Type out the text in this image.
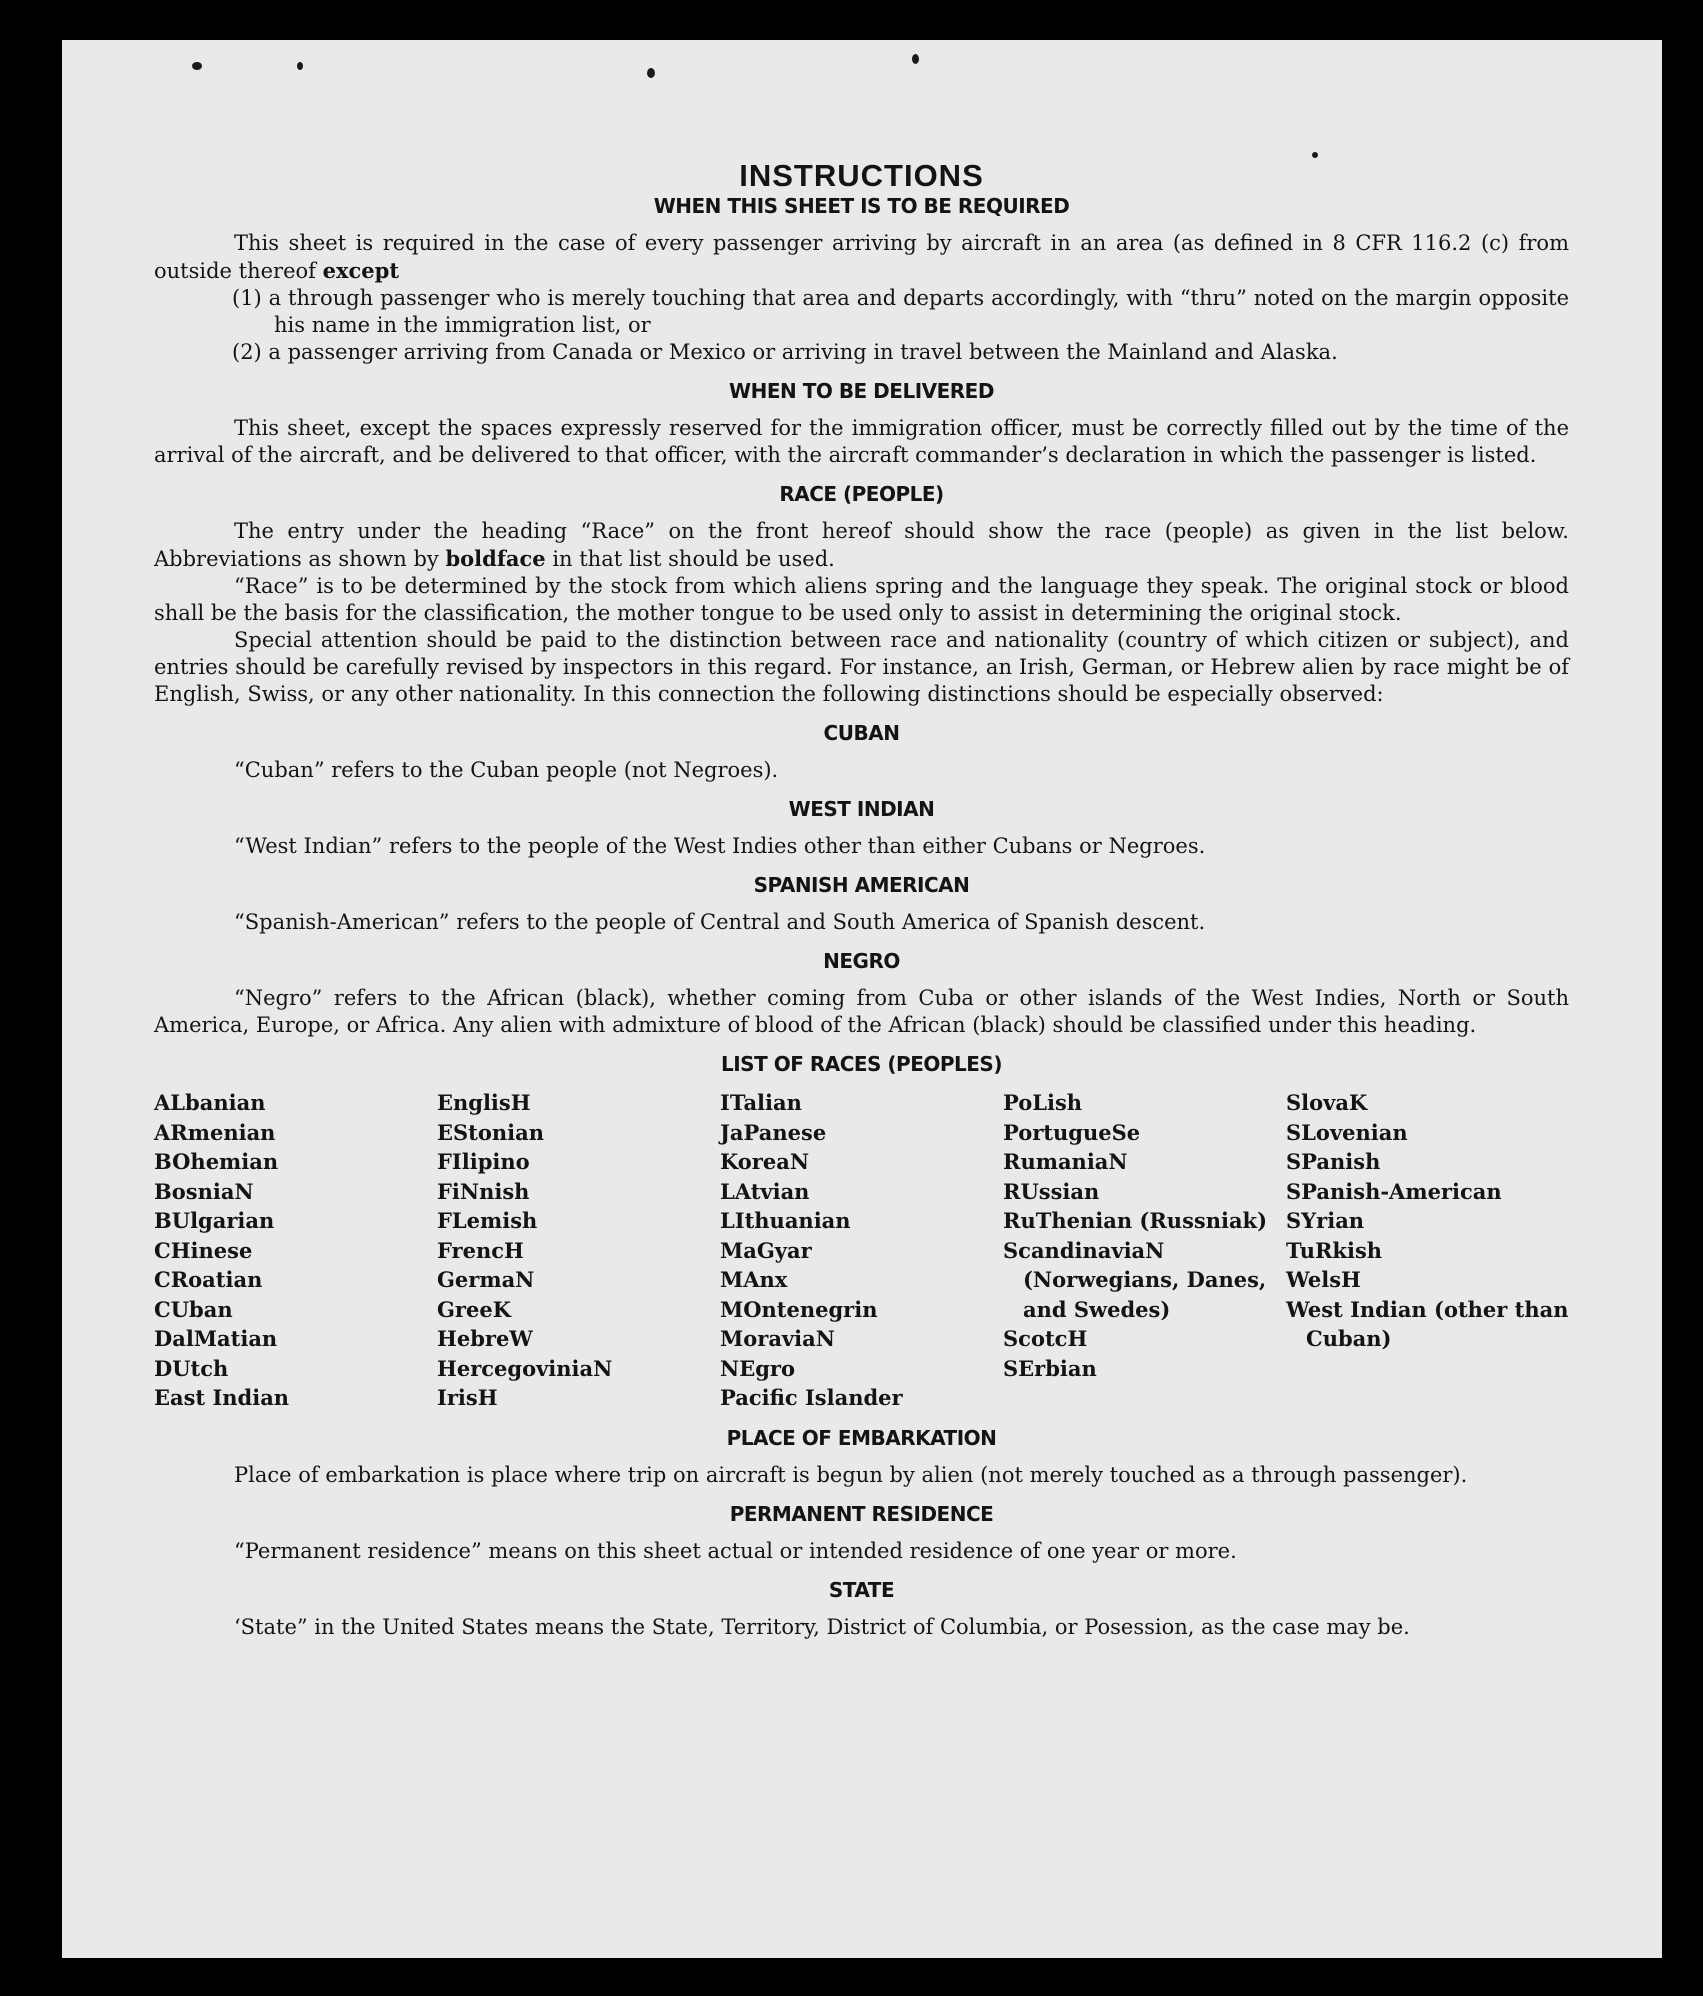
INSTRUCTIONS
WHEN THIS SHEET IS TO BE REQUIRED

This sheet is required in the case of every passenger arriving by aircraft in an area (as defined in 8 CFR 116.2 (c) from outside thereof except

(1) a through passenger who is merely touching that area and departs accordingly, with “thru” noted on the margin opposite his name in the immigration list, or

(2) a passenger arriving from Canada or Mexico or arriving in travel between the Mainland and Alaska.

WHEN TO BE DELIVERED

This sheet, except the spaces expressly reserved for the immigration officer, must be correctly filled out by the time of the arrival of the aircraft, and be delivered to that officer, with the aircraft commander’s declaration in which the passenger is listed.

RACE (PEOPLE)

The entry under the heading “Race” on the front hereof should show the race (people) as given in the list below. Abbreviations as shown by boldface in that list should be used.

“Race” is to be determined by the stock from which aliens spring and the language they speak. The original stock or blood shall be the basis for the classification, the mother tongue to be used only to assist in determining the original stock.

Special attention should be paid to the distinction between race and nationality (country of which citizen or subject), and entries should be carefully revised by inspectors in this regard. For instance, an Irish, German, or Hebrew alien by race might be of English, Swiss, or any other nationality. In this connection the following distinctions should be especially observed:

CUBAN

“Cuban” refers to the Cuban people (not Negroes).

WEST INDIAN

“West Indian” refers to the people of the West Indies other than either Cubans or Negroes.

SPANISH AMERICAN

“Spanish-American” refers to the people of Central and South America of Spanish descent.

NEGRO

“Negro” refers to the African (black), whether coming from Cuba or other islands of the West Indies, North or South America, Europe, or Africa. Any alien with admixture of blood of the African (black) should be classified under this heading.

LIST OF RACES (PEOPLES)
ALbanian
ARmenian
BOhemian
BosniaN
BUlgarian
CHinese
CRoatian
CUban
DalMatian
DUtch
East Indian
EnglisH
EStonian
FIlipino
FiNnish
FLemish
FrencH
GermaN
GreeK
HebreW
HercegoviniaN
IrisH
ITalian
JaPanese
KoreaN
LAtvian
LIthuanian
MaGyar
MAnx
MOntenegrin
MoraviaN
NEgro
Pacific Islander
PoLish
PortugueSe
RumaniaN
RUssian
RuThenian (Russniak)
ScandinaviaN (Norwegians, Danes, and Swedes)
ScotcH
SErbian
SlovaK
SLovenian
SPanish
SPanish-American
SYrian
TuRkish
WelsH
West Indian (other than Cuban)
PLACE OF EMBARKATION

Place of embarkation is place where trip on aircraft is begun by alien (not merely touched as a through passenger).

PERMANENT RESIDENCE

“Permanent residence” means on this sheet actual or intended residence of one year or more.

STATE

‘State” in the United States means the State, Territory, District of Columbia, or Posession, as the case may be.
